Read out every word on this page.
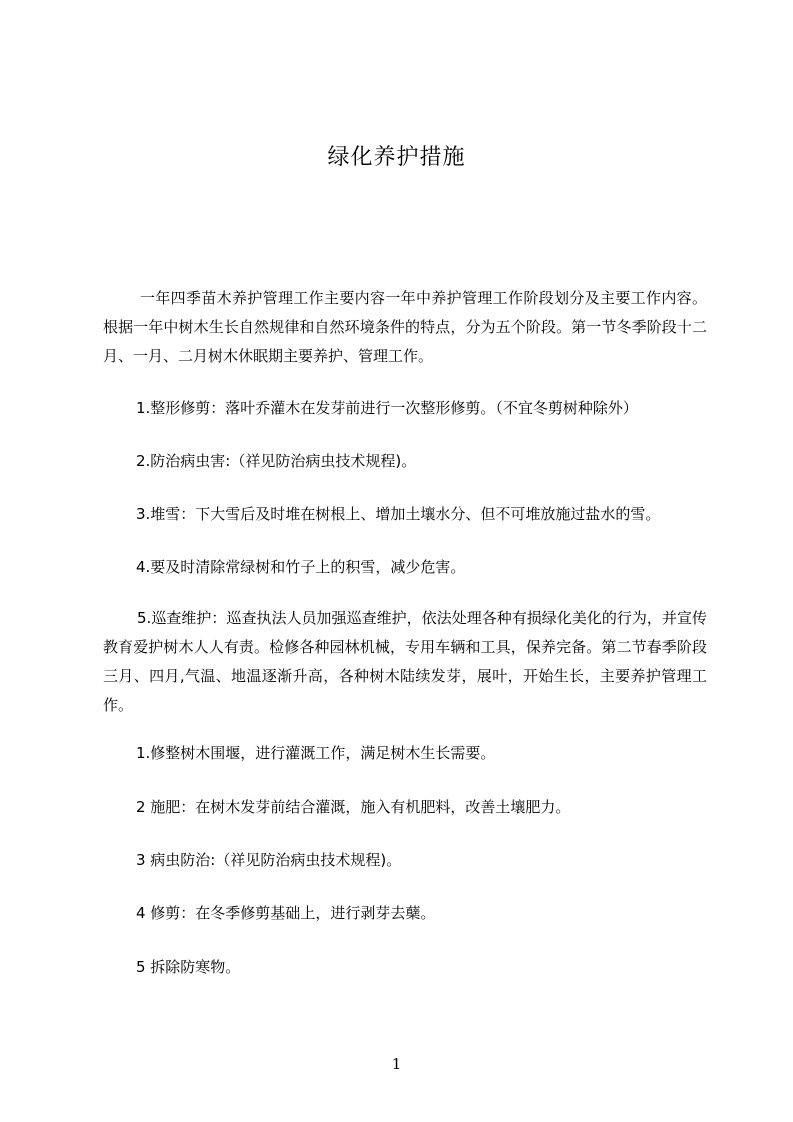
绿化养护措施

一年四季苗木养护管理工作主要内容一年中养护管理工作阶段划分及主要工作内容。根据一年中树木生长自然规律和自然环境条件的特点，分为五个阶段。第一节冬季阶段十二月、一月、二月树木休眠期主要养护、管理工作。

1.整形修剪：落叶乔灌木在发芽前进行一次整形修剪。（不宜冬剪树种除外）

2.防治病虫害:（祥见防治病虫技术规程)。

3.堆雪：下大雪后及时堆在树根上、增加土壤水分、但不可堆放施过盐水的雪。

4.要及时清除常绿树和竹子上的积雪，减少危害。

5.巡查维护：巡查执法人员加强巡查维护，依法处理各种有损绿化美化的行为，并宣传教育爱护树木人人有责。检修各种园林机械，专用车辆和工具，保养完备。第二节春季阶段三月、四月,气温、地温逐渐升高，各种树木陆续发芽，展叶，开始生长，主要养护管理工作。

1.修整树木围堰，进行灌溉工作，满足树木生长需要。

2 施肥：在树木发芽前结合灌溉，施入有机肥料，改善土壤肥力。

3 病虫防治:（祥见防治病虫技术规程)。

4 修剪：在冬季修剪基础上，进行剥芽去蘖。

5 拆除防寒物。

1
